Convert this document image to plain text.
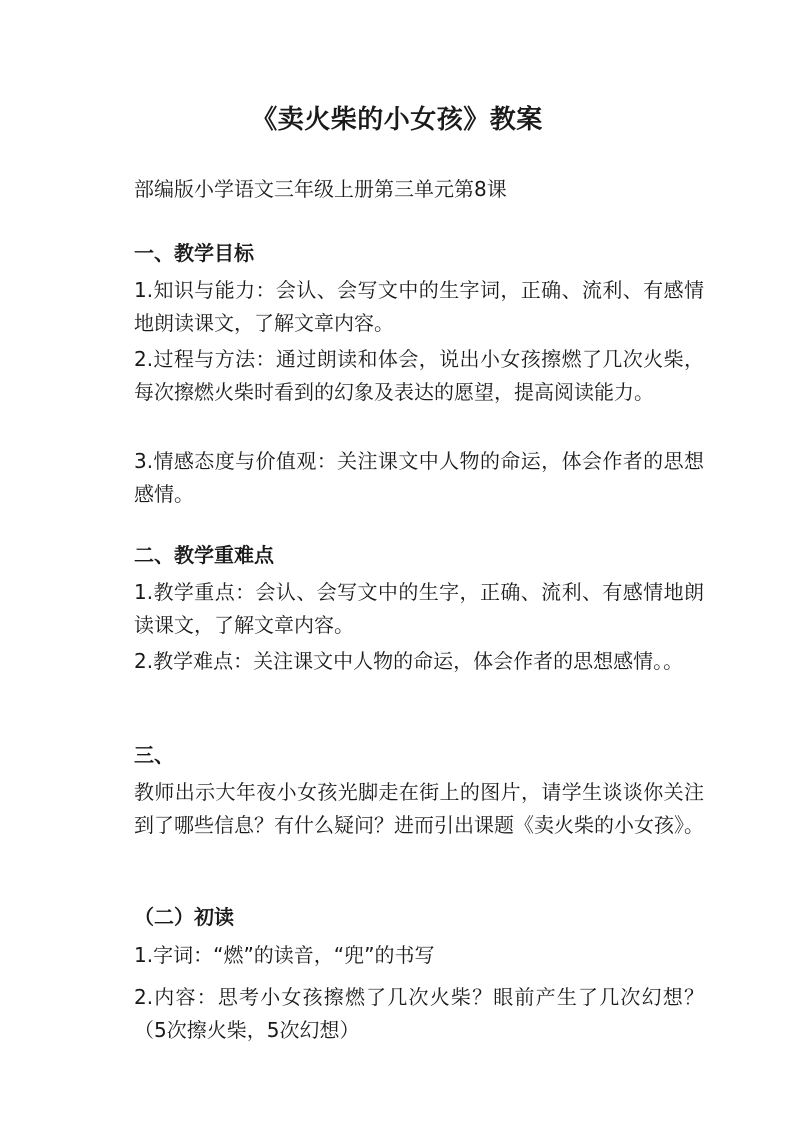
《卖火柴的小女孩》教案
部编版小学语文三年级上册第三单元第8课
一、教学目标
1.知识与能力：会认、会写文中的生字词，正确、流利、有感情地朗读课文，了解文章内容。
2.过程与方法：通过朗读和体会，说出小女孩擦燃了几次火柴，每次擦燃火柴时看到的幻象及表达的愿望，提高阅读能力。
3.情感态度与价值观：关注课文中人物的命运，体会作者的思想感情。
二、教学重难点
1.教学重点：会认、会写文中的生字，正确、流利、有感情地朗读课文，了解文章内容。
2.教学难点：关注课文中人物的命运，体会作者的思想感情。。
三、
教师出示大年夜小女孩光脚走在街上的图片，请学生谈谈你关注到了哪些信息？有什么疑问？进而引出课题《卖火柴的小女孩》。
（二）初读
1.字词：“燃”的读音，“兜”的书写
2.内容：思考小女孩擦燃了几次火柴？眼前产生了几次幻想？（5次擦火柴，5次幻想）
